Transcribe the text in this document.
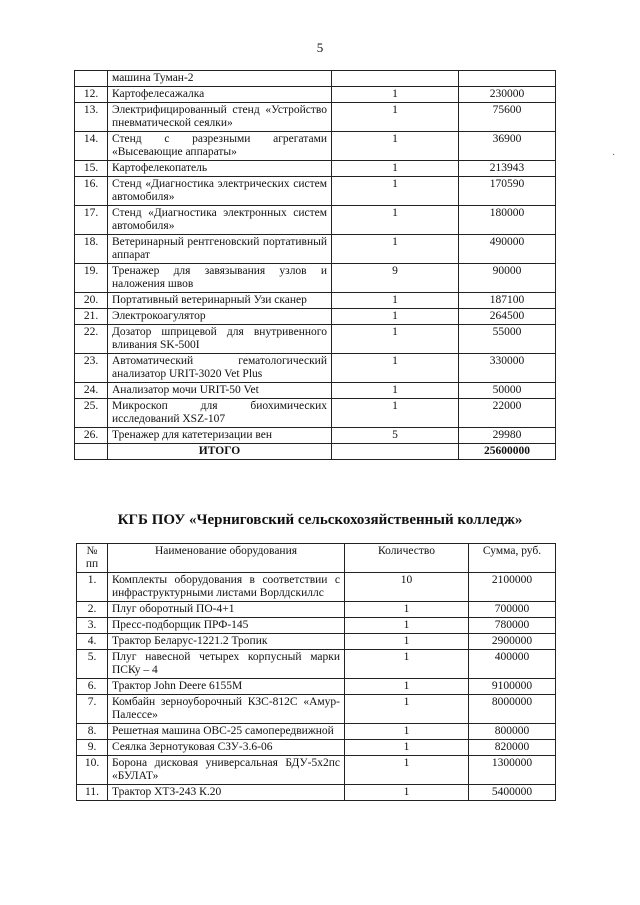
5
·
	машина Туман-2		
12.	Картофелесажалка	1	230000
13.	Электрифицированный стенд «Устройство пневматической сеялки»	1	75600
14.	Стенд с разрезными агрегатами «Высевающие аппараты»	1	36900
15.	Картофелекопатель	1	213943
16.	Стенд «Диагностика электрических систем автомобиля»	1	170590
17.	Стенд «Диагностика электронных систем автомобиля»	1	180000
18.	Ветеринарный рентгеновский портативный аппарат	1	490000
19.	Тренажер для завязывания узлов и наложения швов	9	90000
20.	Портативный ветеринарный Узи сканер	1	187100
21.	Электрокоагулятор	1	264500
22.	Дозатор шприцевой для внутривенного вливания SK-500I	1	55000
23.	Автоматический гематологический анализатор URIT-3020 Vet Plus	1	330000
24.	Анализатор мочи URIT-50 Vet	1	50000
25.	Микроскоп для биохимических исследований XSZ-107	1	22000
26.	Тренажер для катетеризации вен	5	29980
	ИТОГО		25600000
КГБ ПОУ «Черниговский сельскохозяйственный колледж»
№ пп	Наименование оборудования	Количество	Сумма, руб.
1.	Комплекты оборудования в соответствии с инфраструктурными листами Ворлдскиллс	10	2100000
2.	Плуг оборотный ПО-4+1	1	700000
3.	Пресс-подборщик ПРФ-145	1	780000
4.	Трактор Беларус-1221.2 Тропик	1	2900000
5.	Плуг навесной четырех корпусный марки ПСКу – 4	1	400000
6.	Трактор John Deere 6155M	1	9100000
7.	Комбайн зерноуборочный КЗС-812С «Амур-Палессе»	1	8000000
8.	Решетная машина ОВС-25 самопередвижной	1	800000
9.	Сеялка Зернотуковая СЗУ-3.6-06	1	820000
10.	Борона дисковая универсальная БДУ-5х2пс «БУЛАТ»	1	1300000
11.	Трактор ХТЗ-243 К.20	1	5400000
